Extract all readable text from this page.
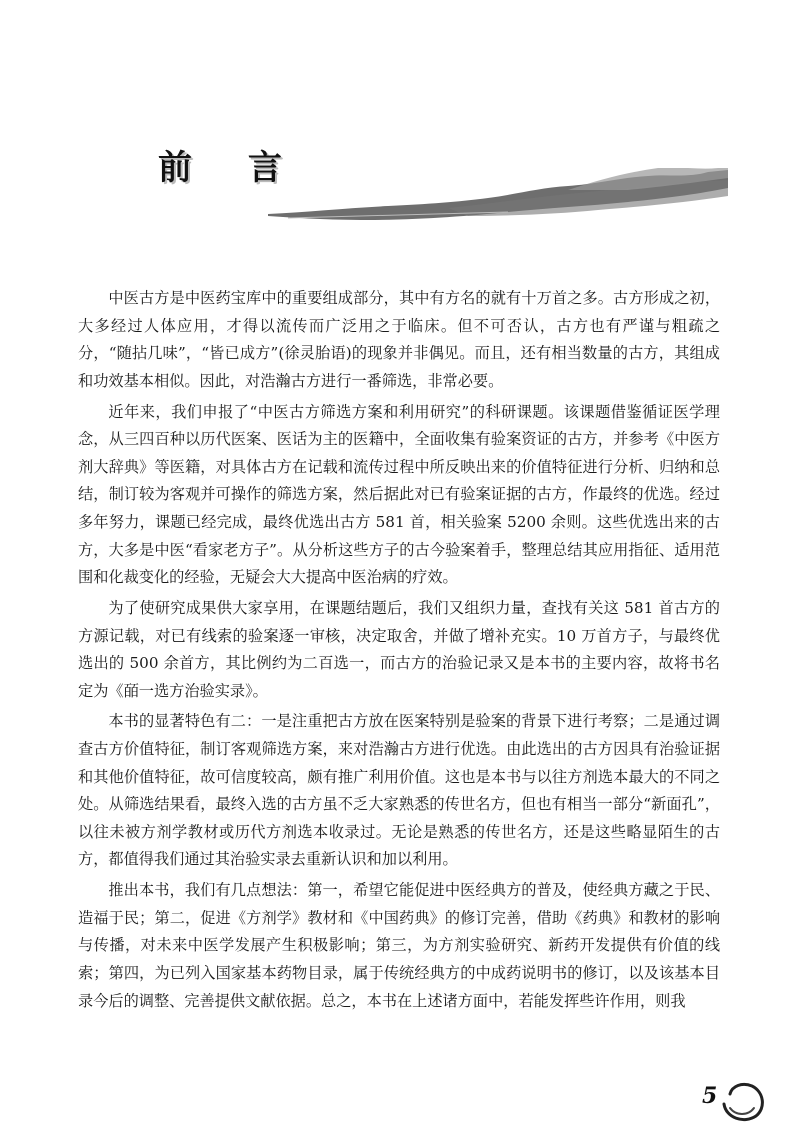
前 言

中医古方是中医药宝库中的重要组成部分，其中有方名的就有十万首之多。古方形成之初，大多经过人体应用，才得以流传而广泛用之于临床。但不可否认，古方也有严谨与粗疏之分，“随拈几味”，“皆已成方”(徐灵胎语)的现象并非偶见。而且，还有相当数量的古方，其组成和功效基本相似。因此，对浩瀚古方进行一番筛选，非常必要。

近年来，我们申报了“中医古方筛选方案和利用研究”的科研课题。该课题借鉴循证医学理念，从三四百种以历代医案、医话为主的医籍中，全面收集有验案资证的古方，并参考《中医方剂大辞典》等医籍，对具体古方在记载和流传过程中所反映出来的价值特征进行分析、归纳和总结，制订较为客观并可操作的筛选方案，然后据此对已有验案证据的古方，作最终的优选。经过多年努力，课题已经完成，最终优选出古方 581 首，相关验案 5200 余则。这些优选出来的古方，大多是中医“看家老方子”。从分析这些方子的古今验案着手，整理总结其应用指征、适用范围和化裁变化的经验，无疑会大大提高中医治病的疗效。

为了使研究成果供大家享用，在课题结题后，我们又组织力量，查找有关这 581 首古方的方源记载，对已有线索的验案逐一审核，决定取舍，并做了增补充实。10 万首方子，与最终优选出的 500 余首方，其比例约为二百选一，而古方的治验记录又是本书的主要内容，故将书名定为《皕一选方治验实录》。

本书的显著特色有二：一是注重把古方放在医案特别是验案的背景下进行考察；二是通过调查古方价值特征，制订客观筛选方案，来对浩瀚古方进行优选。由此选出的古方因具有治验证据和其他价值特征，故可信度较高，颇有推广利用价值。这也是本书与以往方剂选本最大的不同之处。从筛选结果看，最终入选的古方虽不乏大家熟悉的传世名方，但也有相当一部分“新面孔”，以往未被方剂学教材或历代方剂选本收录过。无论是熟悉的传世名方，还是这些略显陌生的古方，都值得我们通过其治验实录去重新认识和加以利用。

推出本书，我们有几点想法：第一，希望它能促进中医经典方的普及，使经典方藏之于民、造福于民；第二，促进《方剂学》教材和《中国药典》的修订完善，借助《药典》和教材的影响与传播，对未来中医学发展产生积极影响；第三，为方剂实验研究、新药开发提供有价值的线索；第四，为已列入国家基本药物目录，属于传统经典方的中成药说明书的修订，以及该基本目录今后的调整、完善提供文献依据。总之，本书在上述诸方面中，若能发挥些许作用，则我

5
